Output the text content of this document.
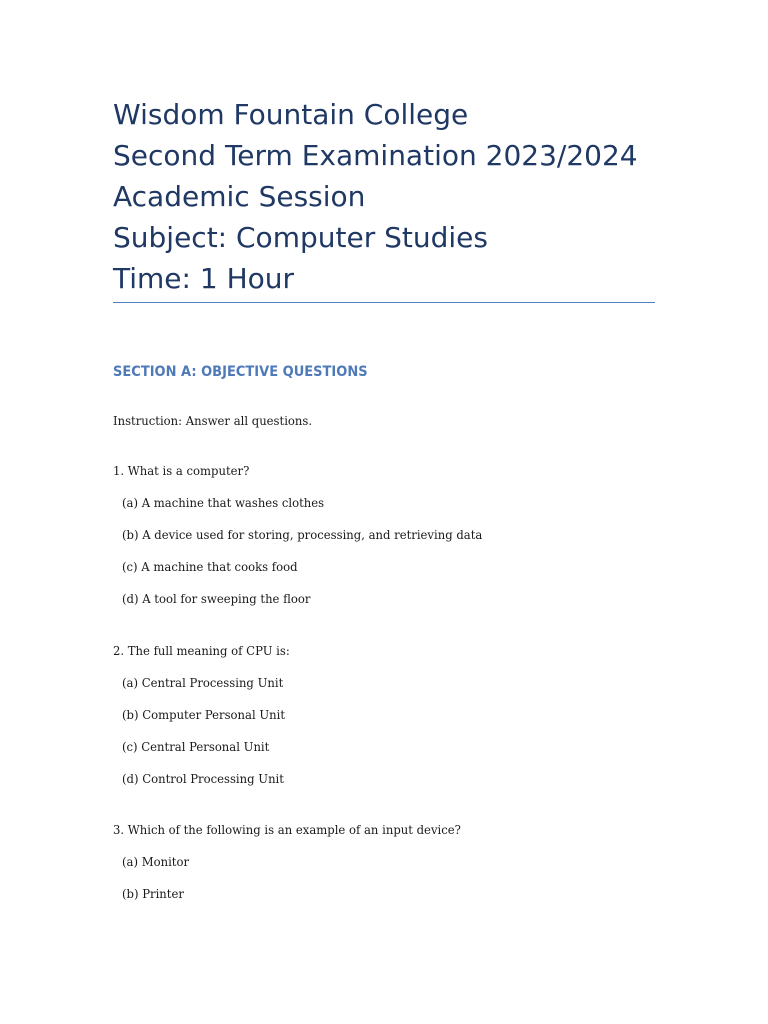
Wisdom Fountain College
Second Term Examination 2023/2024
Academic Session
Subject: Computer Studies
Time: 1 Hour
SECTION A: OBJECTIVE QUESTIONS
Instruction: Answer all questions.
1. What is a computer?
(a) A machine that washes clothes
(b) A device used for storing, processing, and retrieving data
(c) A machine that cooks food
(d) A tool for sweeping the floor
2. The full meaning of CPU is:
(a) Central Processing Unit
(b) Computer Personal Unit
(c) Central Personal Unit
(d) Control Processing Unit
3. Which of the following is an example of an input device?
(a) Monitor
(b) Printer
